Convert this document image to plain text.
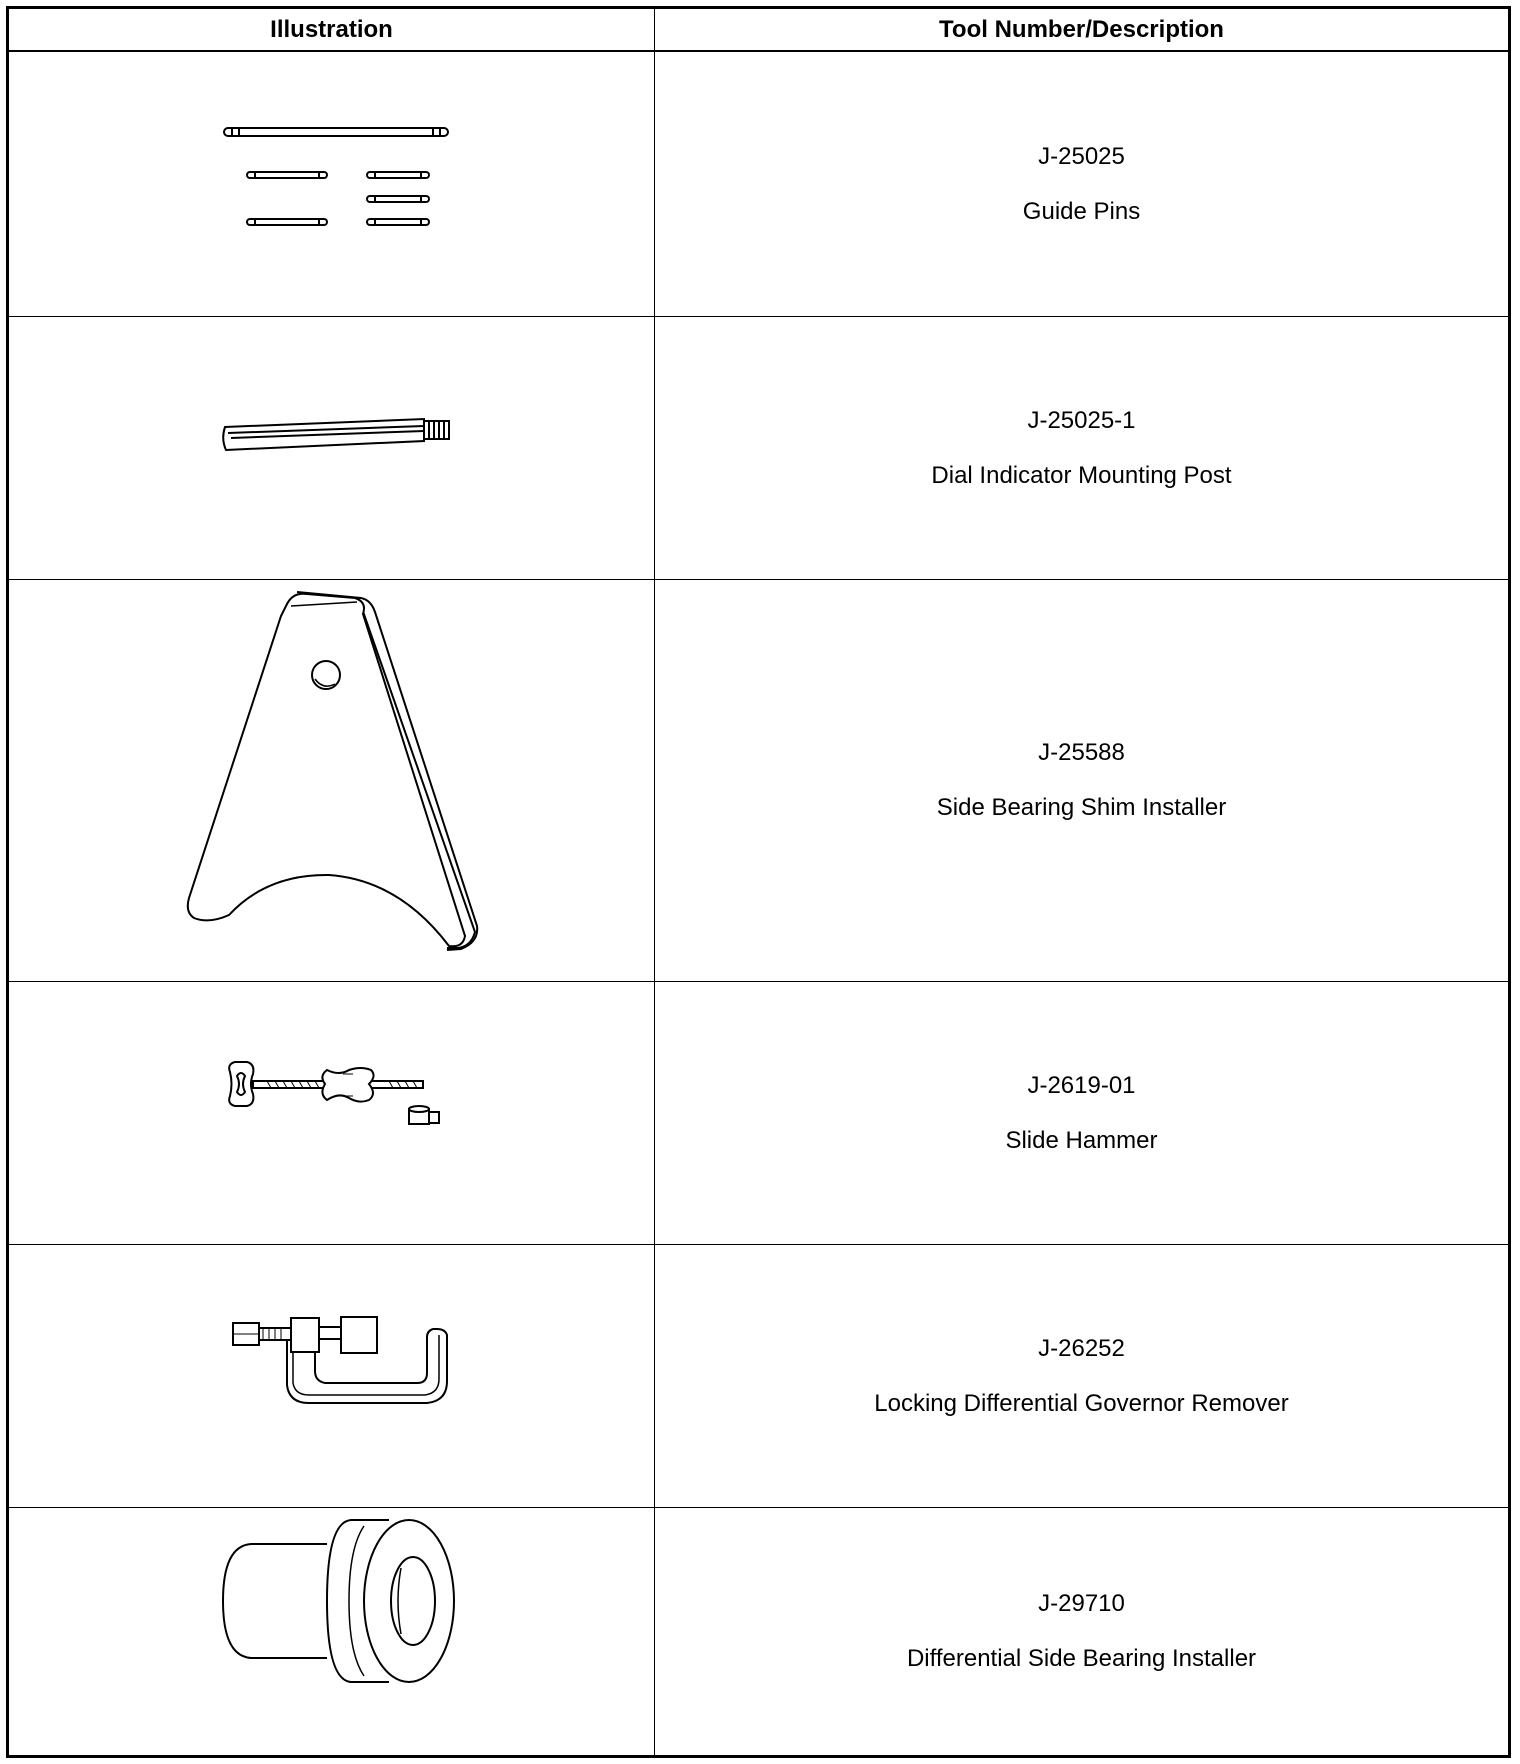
Illustration	Tool Number/Description
J-25025
Guide Pins
J-25025-1
Dial Indicator Mounting Post
J-25588
Side Bearing Shim Installer
J-2619-01
Slide Hammer
J-26252
Locking Differential Governor Remover
J-29710
Differential Side Bearing Installer
